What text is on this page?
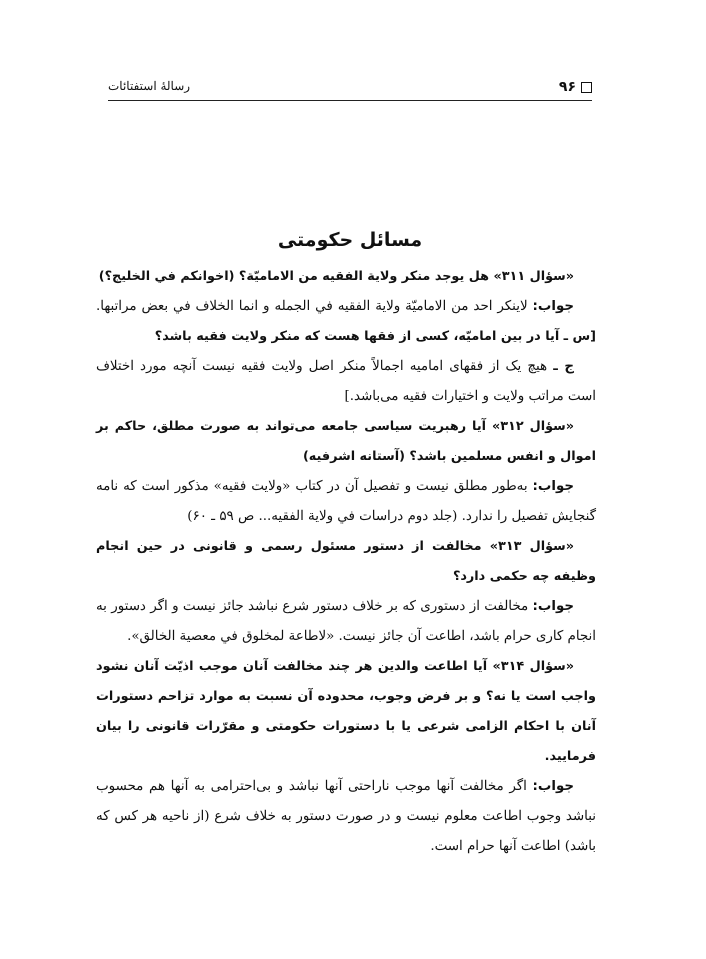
۹۶
رسالهٔ استفتائات
مسائل حکومتی

«سؤال ۳۱۱» هل يوجد منكر ولاية الفقيه من الاماميّة؟ (اخوانكم في الخليج؟)

جواب: لاينكر احد من الاماميّة ولاية الفقيه في الجمله و انما الخلاف في بعض مراتبها. [س ـ آیا در بین امامیّه، کسی از فقها هست که منکر ولایت فقیه باشد؟

ج ـ هیچ یک از فقهای امامیه اجمالاً منکر اصل ولایت فقیه نیست آنچه مورد اختلاف است مراتب ولایت و اختیارات فقیه می‌باشد.]

«سؤال ۳۱۲» آیا رهبریت سیاسی جامعه می‌تواند به صورت مطلق، حاکم بر اموال و انفس مسلمین باشد؟ (آستانه اشرفیه)

جواب: به‌طور مطلق نیست و تفصیل آن در کتاب «ولایت فقیه» مذکور است که نامه گنجایش تفصیل را ندارد. (جلد دوم دراسات في ولاية الفقيه... ص ۵۹ ـ ۶۰)

«سؤال ۳۱۳» مخالفت از دستور مسئول رسمی و قانونی در حین انجام وظیفه چه حکمی دارد؟

جواب: مخالفت از دستوری که بر خلاف دستور شرع نباشد جائز نیست و اگر دستور به انجام کاری حرام باشد، اطاعت آن جائز نیست. «لاطاعة لمخلوق في معصية الخالق».

«سؤال ۳۱۴» آیا اطاعت والدین هر چند مخالفت آنان موجب اذیّت آنان نشود واجب است یا نه؟ و بر فرض وجوب، محدوده آن نسبت به موارد تزاحم دستورات آنان با احکام الزامی شرعی یا با دستورات حکومتی و مقرّرات قانونی را بیان فرمایید.

جواب: اگر مخالفت آنها موجب ناراحتی آنها نباشد و بی‌احترامی به آنها هم محسوب نباشد وجوب اطاعت معلوم نیست و در صورت دستور به خلاف شرع (از ناحیه هر کس که باشد) اطاعت آنها حرام است.
